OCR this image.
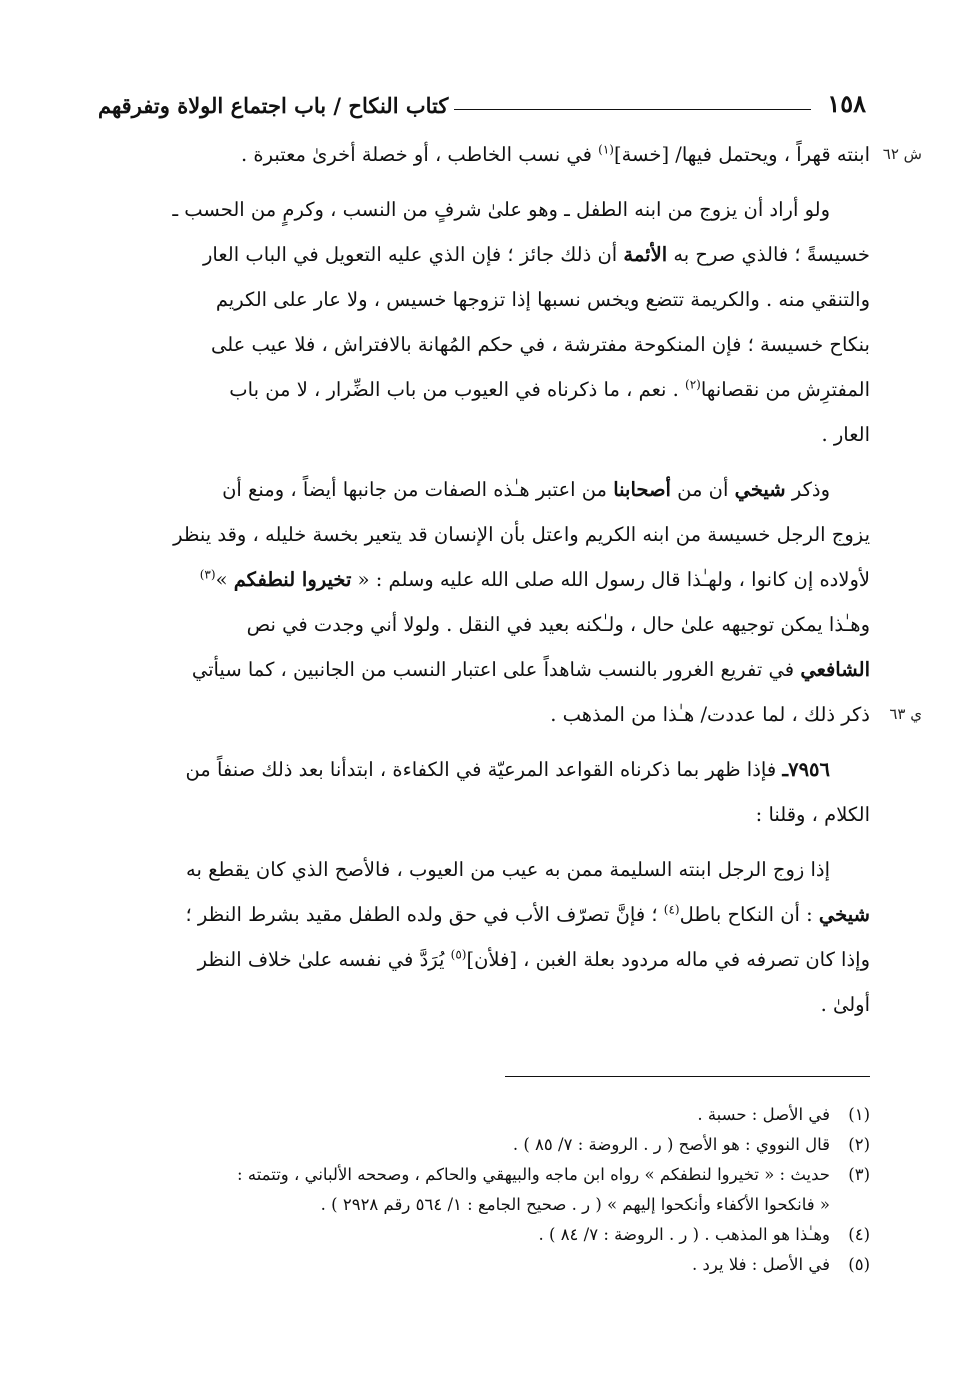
١٥٨
كتاب النكاح / باب اجتماع الولاة وتفرقهم
ش ٦٢
ابنته قهراً ، ويحتمل فيها/ [خسة]$^{(١)}$ في نسب الخاطب ، أو خصلة أخرىٰ معتبرة .
ولو أراد أن يزوج من ابنه الطفل ـ وهو علىٰ شرفٍ من النسب ، وكرمٍ من الحسب ـ
خسيسةً ؛ فالذي صرح به الأئمة أن ذلك جائز ؛ فإن الذي عليه التعويل في الباب العار
والتنقي منه . والكريمة تتضع ويخس نسبها إذا تزوجها خسيس ، ولا عار على الكريم
بنكاح خسيسة ؛ فإن المنكوحة مفترشة ، في حكم المُهانة بالافتراش ، فلا عيب على
المفترِش من نقصانها$^{(٢)}$ . نعم ، ما ذكرناه في العيوب من باب الضِّرار ، لا من باب
العار .
وذكر شيخي أن من أصحابنا من اعتبر هـٰذه الصفات من جانبها أيضاً ، ومنع أن
يزوج الرجل خسيسة من ابنه الكريم واعتل بأن الإنسان قد يتعير بخسة خليله ، وقد ينظر
لأولاده إن كانوا ، ولهـٰذا قال رسول الله صلى الله عليه وسلم : « تخيروا لنطفكم »$^{(٣)}$
وهـٰذا يمكن توجيهه علىٰ حال ، ولـٰكنه بعيد في النقل . ولولا أني وجدت في نص
الشافعي في تفريع الغرور بالنسب شاهداً على اعتبار النسب من الجانبين ، كما سيأتي
ي ٦٣
ذكر ذلك ، لما عددت/ هـٰذا من المذهب .
٧٩٥٦ـ فإذا ظهر بما ذكرناه القواعد المرعيّة في الكفاءة ، ابتدأنا بعد ذلك صنفاً من
الكلام ، وقلنا :
إذا زوج الرجل ابنته السليمة ممن به عيب من العيوب ، فالأصح الذي كان يقطع به
شيخي : أن النكاح باطل$^{(٤)}$ ؛ فإنَّ تصرّف الأب في حق ولده الطفل مقيد بشرط النظر ؛
وإذا كان تصرفه في ماله مردود بعلة الغبن ، [فلأن]$^{(٥)}$ يُرَدَّ في نفسه علىٰ خلاف النظر
أولىٰ .
(١)
في الأصل : حسبة .
(٢)
قال النووي : هو الأصح ( ر . الروضة : ٧/ ٨٥ ) .
(٣)
حديث : « تخيروا لنطفكم » رواه ابن ماجه والبيهقي والحاكم ، وصححه الألباني ، وتتمته :
« فانكحوا الأكفاء وأنكحوا إليهم » ( ر . صحيح الجامع : ١/ ٥٦٤ رقم ٢٩٢٨ ) .
(٤)
وهـٰذا هو المذهب . ( ر . الروضة : ٧/ ٨٤ ) .
(٥)
في الأصل : فلا يرد .
